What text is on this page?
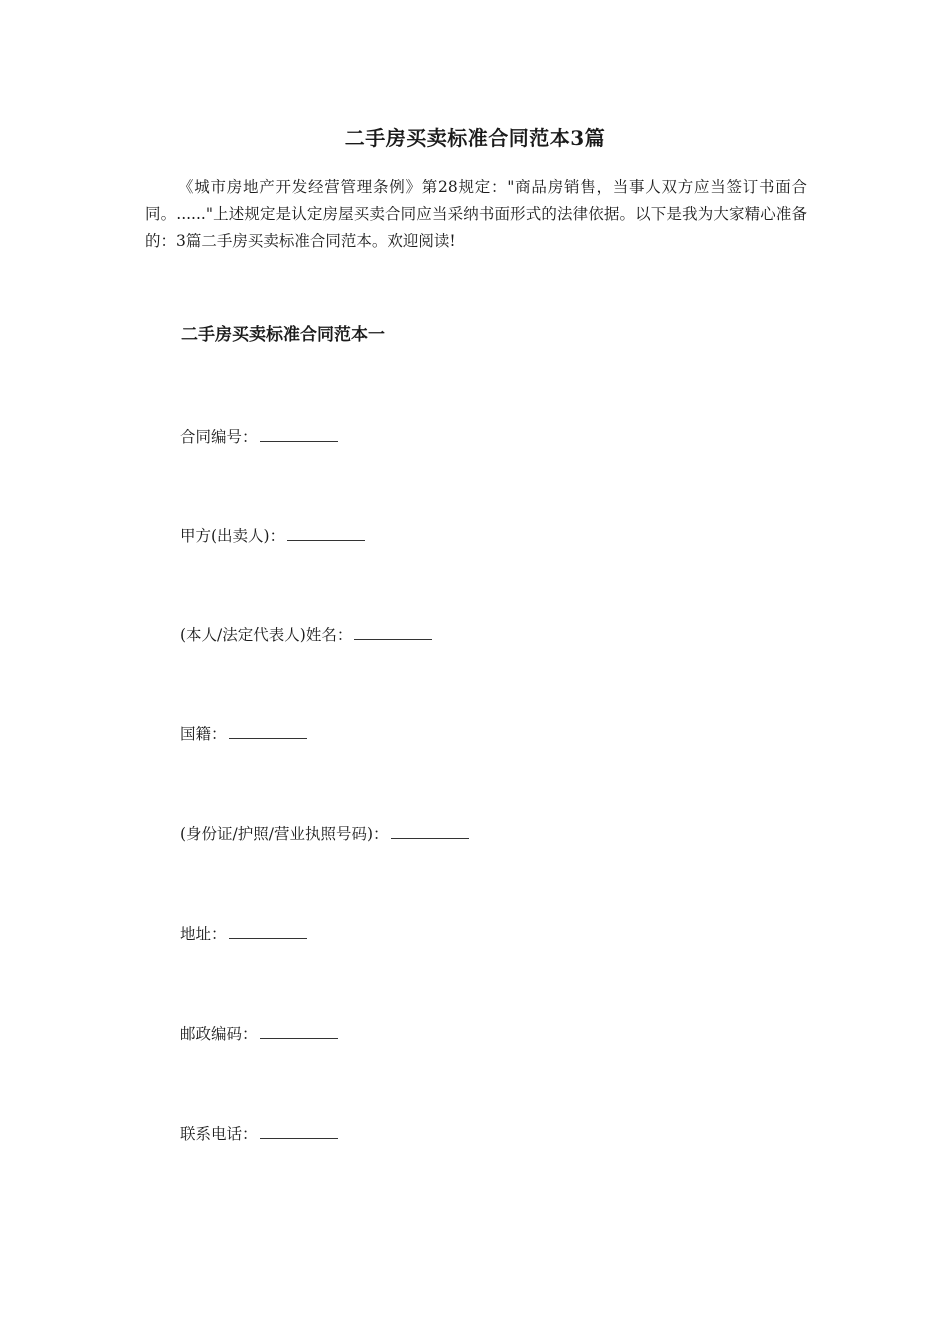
二手房买卖标准合同范本3篇

《城市房地产开发经营管理条例》第28规定："商品房销售，当事人双方应当签订书面合同。......"上述规定是认定房屋买卖合同应当采纳书面形式的法律依据。以下是我为大家精心准备的：3篇二手房买卖标准合同范本。欢迎阅读!

二手房买卖标准合同范本一

合同编号：

甲方(出卖人)：

(本人/法定代表人)姓名：

国籍：

(身份证/护照/营业执照号码)：

地址：

邮政编码：

联系电话：
